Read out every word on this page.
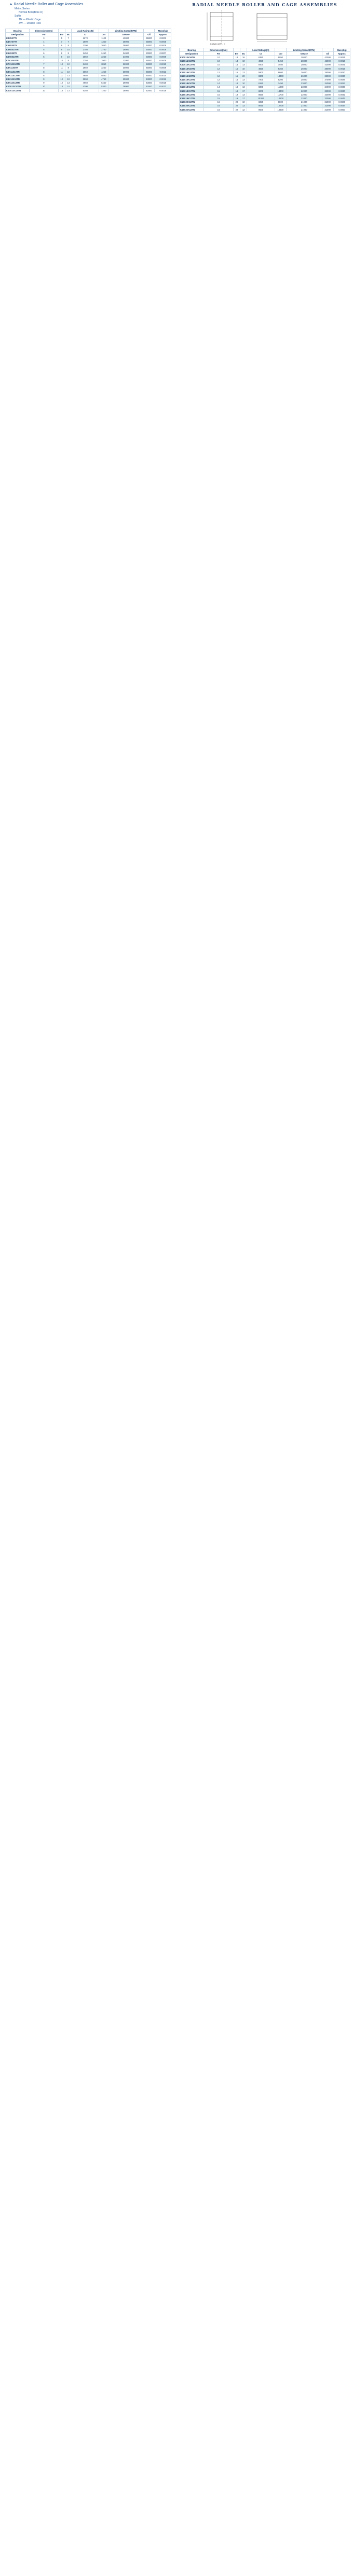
▸ Radial Needle Roller and Cage Assemblies
Metric Series
Normal Bore(Bore D)
Suffix
TN — Plastic Cage
ZW — Double Row
Bearing	Dimensions(mm)			Load Ratings(N)		Limiting Speed(RPM)		Mass(kg)
Designation	Fw	Ew	Bc	Cr	Cor	Grease	Oil	Approx
K3X5X7TN	3	5	7	1270	1100	43000	65000	0.0003
K4X7X7TN	4	7	7	1600	1350	38000	56000	0.0005
K5X8X8TN	5	8	8	2200	2050	36000	54000	0.0006
K5X8X10TN	5	8	10	2750	2700	36000	54000	0.0008
K6X9X8TN	6	9	8	2450	2450	34000	50000	0.0007
K6X9X10TN	6	9	10	3050	3250	34000	50000	0.0009
K7X10X8TN	7	10	8	2750	2900	32000	48000	0.0008
K7X10X10TN	7	10	10	3400	3850	32000	48000	0.0010
K8X11X8TN	8	11	8	2950	3250	30000	45000	0.0009
K8X11X10TN	8	11	10	3650	4250	30000	45000	0.0011
K8X11X13TN	8	11	13	4650	5850	30000	45000	0.0014
K9X12X10TN	9	12	10	3900	4750	29000	43000	0.0012
K9X12X13TN	9	12	13	4950	6450	29000	43000	0.0016
K10X13X10TN	10	13	10	4200	5300	28000	42000	0.0013
K10X13X13TN	10	13	13	5350	7200	28000	42000	0.0018
RADIAL NEEDLE ROLLER AND CAGE ASSEMBLIES
K (ZW) (ZW) / K
Bearing	Dimensions(mm)			Load Ratings(N)		Limiting Speed(RPM)		Mass(kg)
Designation	Fw	Ew	Bc	Cr	Cor	Grease	Oil	Approx
K10X13X16TN	10	13	16	6350	9050	28000	42000	0.0021
K10X14X10TN	10	14	10	4950	5450	28000	42000	0.0016
K10X14X13TN	10	14	13	6400	7550	28000	42000	0.0021
K12X15X10TN	12	15	10	4650	6350	26000	38000	0.0015
K12X15X13TN	12	15	13	5900	8600	26000	38000	0.0020
K12X15X20TN	12	15	20	8300	13400	26000	38000	0.0030
K12X16X13TN	12	16	13	7200	9200	25000	37000	0.0026
K14X18X10TN	14	18	10	6150	7450	23000	34000	0.0023
K14X18X13TN	14	18	13	8300	11000	23000	34000	0.0030
K15X18X17TN	15	18	17	8200	13400	22000	33000	0.0030
K15X19X13TN	15	19	13	8550	11700	22000	33000	0.0032
K15X19X17TN	15	19	17	10300	14900	22000	33000	0.0042
K16X20X10TN	16	20	10	6850	8800	21000	31000	0.0026
K16X20X13TN	16	20	13	9050	12700	21000	31000	0.0034
K16X22X12TN	16	22	12	9500	10300	21000	31000	0.0050
